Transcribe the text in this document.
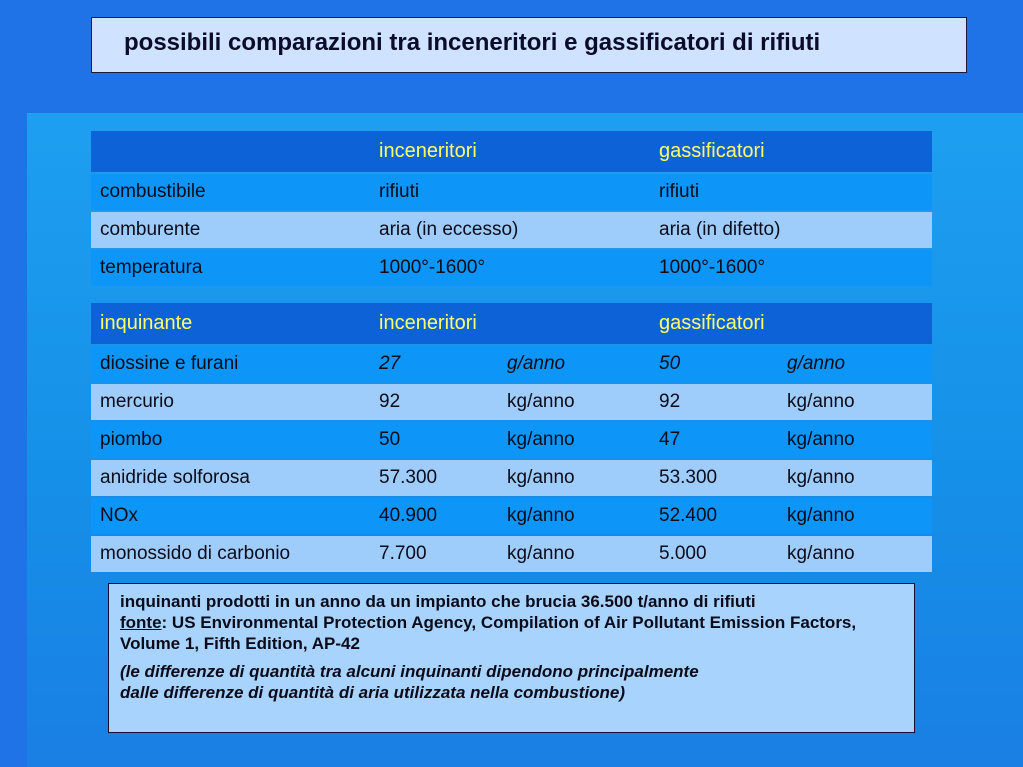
possibili comparazioni tra inceneritori e gassificatori di rifiuti
	inceneritori	gassificatori
combustibile	rifiuti	rifiuti
comburente	aria (in eccesso)	aria (in difetto)
temperatura	1000°-1600°	1000°-1600°
inquinante	inceneritori	gassificatori
diossine e furani	27 g/anno	50 g/anno
mercurio	92 kg/anno	92 kg/anno
piombo	50 kg/anno	47 kg/anno
anidride solforosa	57.300 kg/anno	53.300 kg/anno
NOx	40.900 kg/anno	52.400 kg/anno
monossido di carbonio	7.700 kg/anno	5.000 kg/anno

inquinanti prodotti in un anno da un impianto che brucia 36.500 t/anno di rifiuti

fonte: US Environmental Protection Agency, Compilation of Air Pollutant Emission Factors, Volume 1, Fifth Edition, AP-42

(le differenze di quantità tra alcuni inquinanti dipendono principalmente
dalle differenze di quantità di aria utilizzata nella combustione)
